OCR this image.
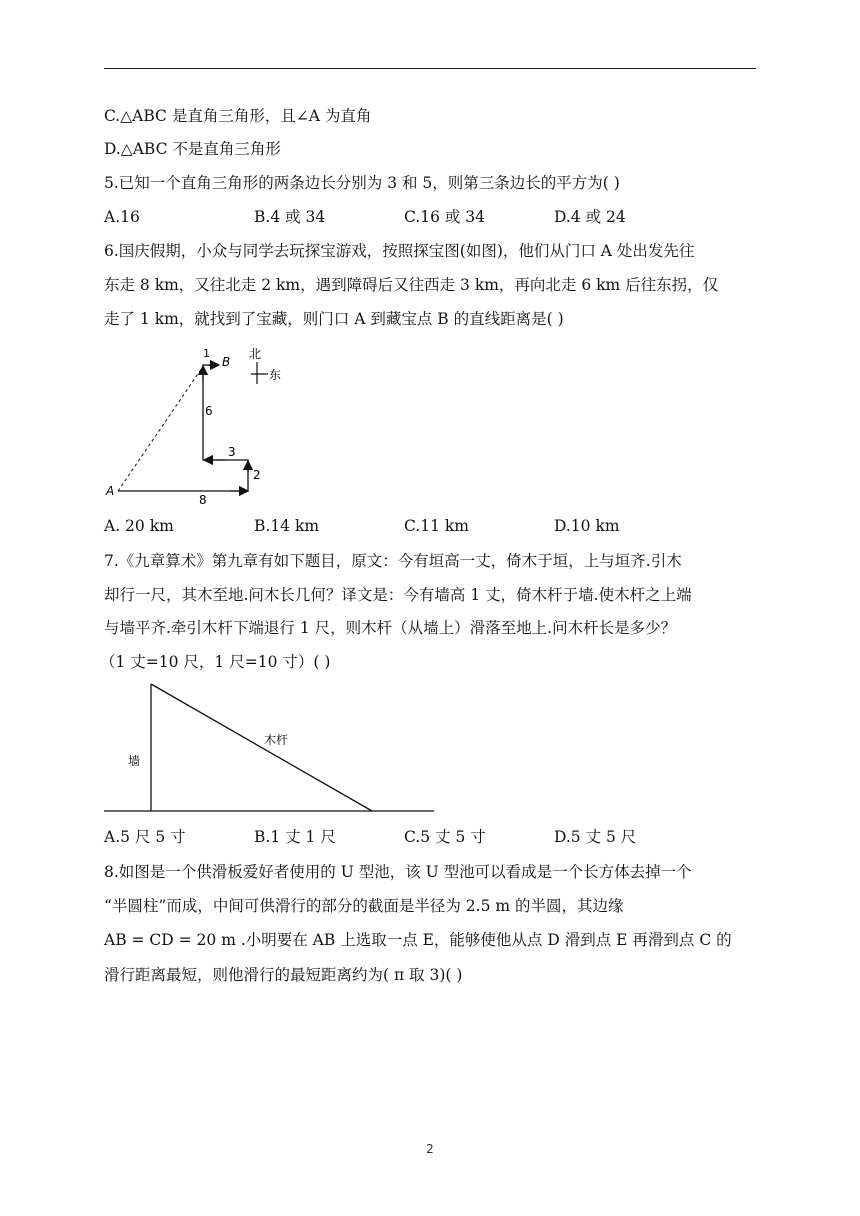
C.△ABC 是直角三角形，且∠A 为直角
D.△ABC 不是直角三角形
5.已知一个直角三角形的两条边长分别为 3 和 5，则第三条边长的平方为( )
A.16	B.4 或 34	C.16 或 34	D.4 或 24
6.国庆假期，小众与同学去玩探宝游戏，按照探宝图(如图)，他们从门口 A 处出发先往
东走 8 km，又往北走 2 km，遇到障碍后又往西走 3 km，再向北走 6 km 后往东拐，仅
走了 1 km，就找到了宝藏，则门口 A 到藏宝点 B 的直线距离是( )
A
B
8
2
3
6
1	北
东
A. 20 km	B.14 km	C.11 km	D.10 km
7.《九章算术》第九章有如下题目，原文：今有垣高一丈，倚木于垣，上与垣齐.引木
却行一尺，其木至地.问木长几何？译文是：今有墙高 1 丈，倚木杆于墙.使木杆之上端
与墙平齐.牵引木杆下端退行 1 尺，则木杆（从墙上）滑落至地上.问木杆长是多少？
（1 丈=10 尺，1 尺=10 寸）( )
墙
木杆
A.5 尺 5 寸	B.1 丈 1 尺	C.5 丈 5 寸	D.5 丈 5 尺
8.如图是一个供滑板爱好者使用的 U 型池，该 U 型池可以看成是一个长方体去掉一个
“半圆柱”而成，中间可供滑行的部分的截面是半径为 2.5 m 的半圆，其边缘
AB = CD = 20 m .小明要在 AB 上选取一点 E，能够使他从点 D 滑到点 E 再滑到点 C 的
滑行距离最短，则他滑行的最短距离约为( π 取 3)( )
2
